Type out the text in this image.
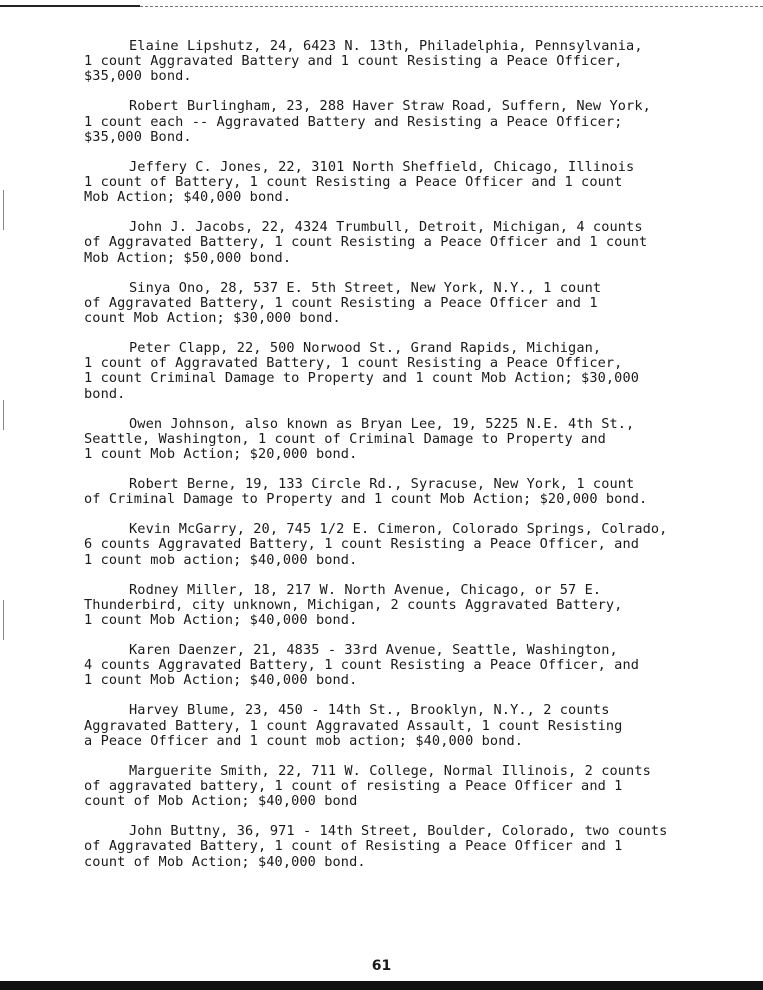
Elaine Lipshutz, 24, 6423 N. 13th, Philadelphia, Pennsylvania,
1 count Aggravated Battery and 1 count Resisting a Peace Officer,
$35,000 bond.

Robert Burlingham, 23, 288 Haver Straw Road, Suffern, New York,
1 count each -- Aggravated Battery and Resisting a Peace Officer;
$35,000 Bond.

Jeffery C. Jones, 22, 3101 North Sheffield, Chicago, Illinois
1 count of Battery, 1 count Resisting a Peace Officer and 1 count
Mob Action; $40,000 bond.

John J. Jacobs, 22, 4324 Trumbull, Detroit, Michigan, 4 counts
of Aggravated Battery, 1 count Resisting a Peace Officer and 1 count
Mob Action; $50,000 bond.

Sinya Ono, 28, 537 E. 5th Street, New York, N.Y., 1 count
of Aggravated Battery, 1 count Resisting a Peace Officer and 1
count Mob Action; $30,000 bond.

Peter Clapp, 22, 500 Norwood St., Grand Rapids, Michigan,
1 count of Aggravated Battery, 1 count Resisting a Peace Officer,
1 count Criminal Damage to Property and 1 count Mob Action; $30,000
bond.

Owen Johnson, also known as Bryan Lee, 19, 5225 N.E. 4th St.,
Seattle, Washington, 1 count of Criminal Damage to Property and
1 count Mob Action; $20,000 bond.

Robert Berne, 19, 133 Circle Rd., Syracuse, New York, 1 count
of Criminal Damage to Property and 1 count Mob Action; $20,000 bond.

Kevin McGarry, 20, 745 1/2 E. Cimeron, Colorado Springs, Colrado,
6 counts Aggravated Battery, 1 count Resisting a Peace Officer, and
1 count mob action; $40,000 bond.

Rodney Miller, 18, 217 W. North Avenue, Chicago, or 57 E.
Thunderbird, city unknown, Michigan, 2 counts Aggravated Battery,
1 count Mob Action; $40,000 bond.

Karen Daenzer, 21, 4835 - 33rd Avenue, Seattle, Washington,
4 counts Aggravated Battery, 1 count Resisting a Peace Officer, and
1 count Mob Action; $40,000 bond.

Harvey Blume, 23, 450 - 14th St., Brooklyn, N.Y., 2 counts
Aggravated Battery, 1 count Aggravated Assault, 1 count Resisting
a Peace Officer and 1 count mob action; $40,000 bond.

Marguerite Smith, 22, 711 W. College, Normal Illinois, 2 counts
of aggravated battery, 1 count of resisting a Peace Officer and 1
count of Mob Action; $40,000 bond

John Buttny, 36, 971 - 14th Street, Boulder, Colorado, two counts
of Aggravated Battery, 1 count of Resisting a Peace Officer and 1
count of Mob Action; $40,000 bond.

61
